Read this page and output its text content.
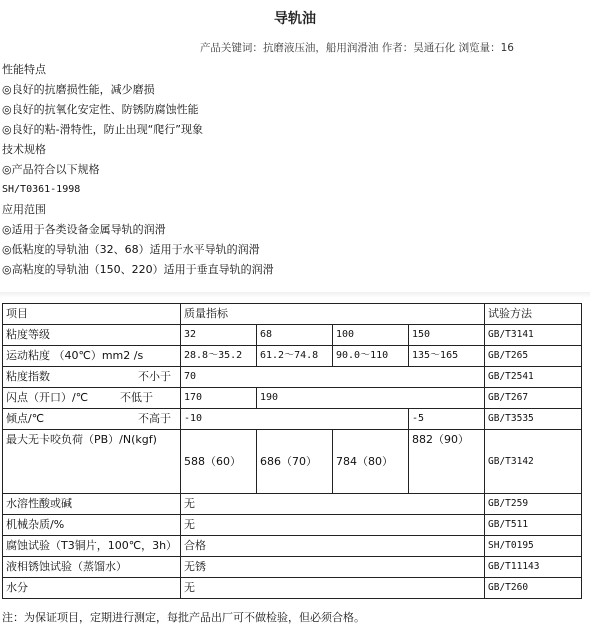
导轨油
产品关键词：抗磨液压油，船用润滑油 作者：昊通石化 浏览量：16
性能特点
◎良好的抗磨损性能，减少磨损
◎良好的抗氧化安定性、防锈防腐蚀性能
◎良好的粘-滑特性，防止出现“爬行”现象
技术规格
◎产品符合以下规格
SH/T0361-1998
应用范围
◎适用于各类设备金属导轨的润滑
◎低粘度的导轨油（32、68）适用于水平导轨的润滑
◎高粘度的导轨油（150、220）适用于垂直导轨的润滑
项目	质量指标				试验方法
粘度等级	32	68	100	150	GB/T3141
运动粘度 （40℃）mm2 /s	28.8～35.2	61.2～74.8	90.0～110	135～165	GB/T265
粘度指数 不小于	70				GB/T2541
闪点（开口）/℃ 不低于	170	190			GB/T267
倾点/℃ 不高于	-10			-5	GB/T3535
最大无卡咬负荷（PB）/N(kgf)	588（60）	686（70）	784（80）	882（90）	GB/T3142
水溶性酸或碱	无				GB/T259
机械杂质/%	无				GB/T511
腐蚀试验（T3铜片，100℃，3h）	合格				SH/T0195
液相锈蚀试验（蒸馏水）	无锈				GB/T11143
水分	无				GB/T260
注：为保证项目，定期进行测定，每批产品出厂可不做检验，但必须合格。
